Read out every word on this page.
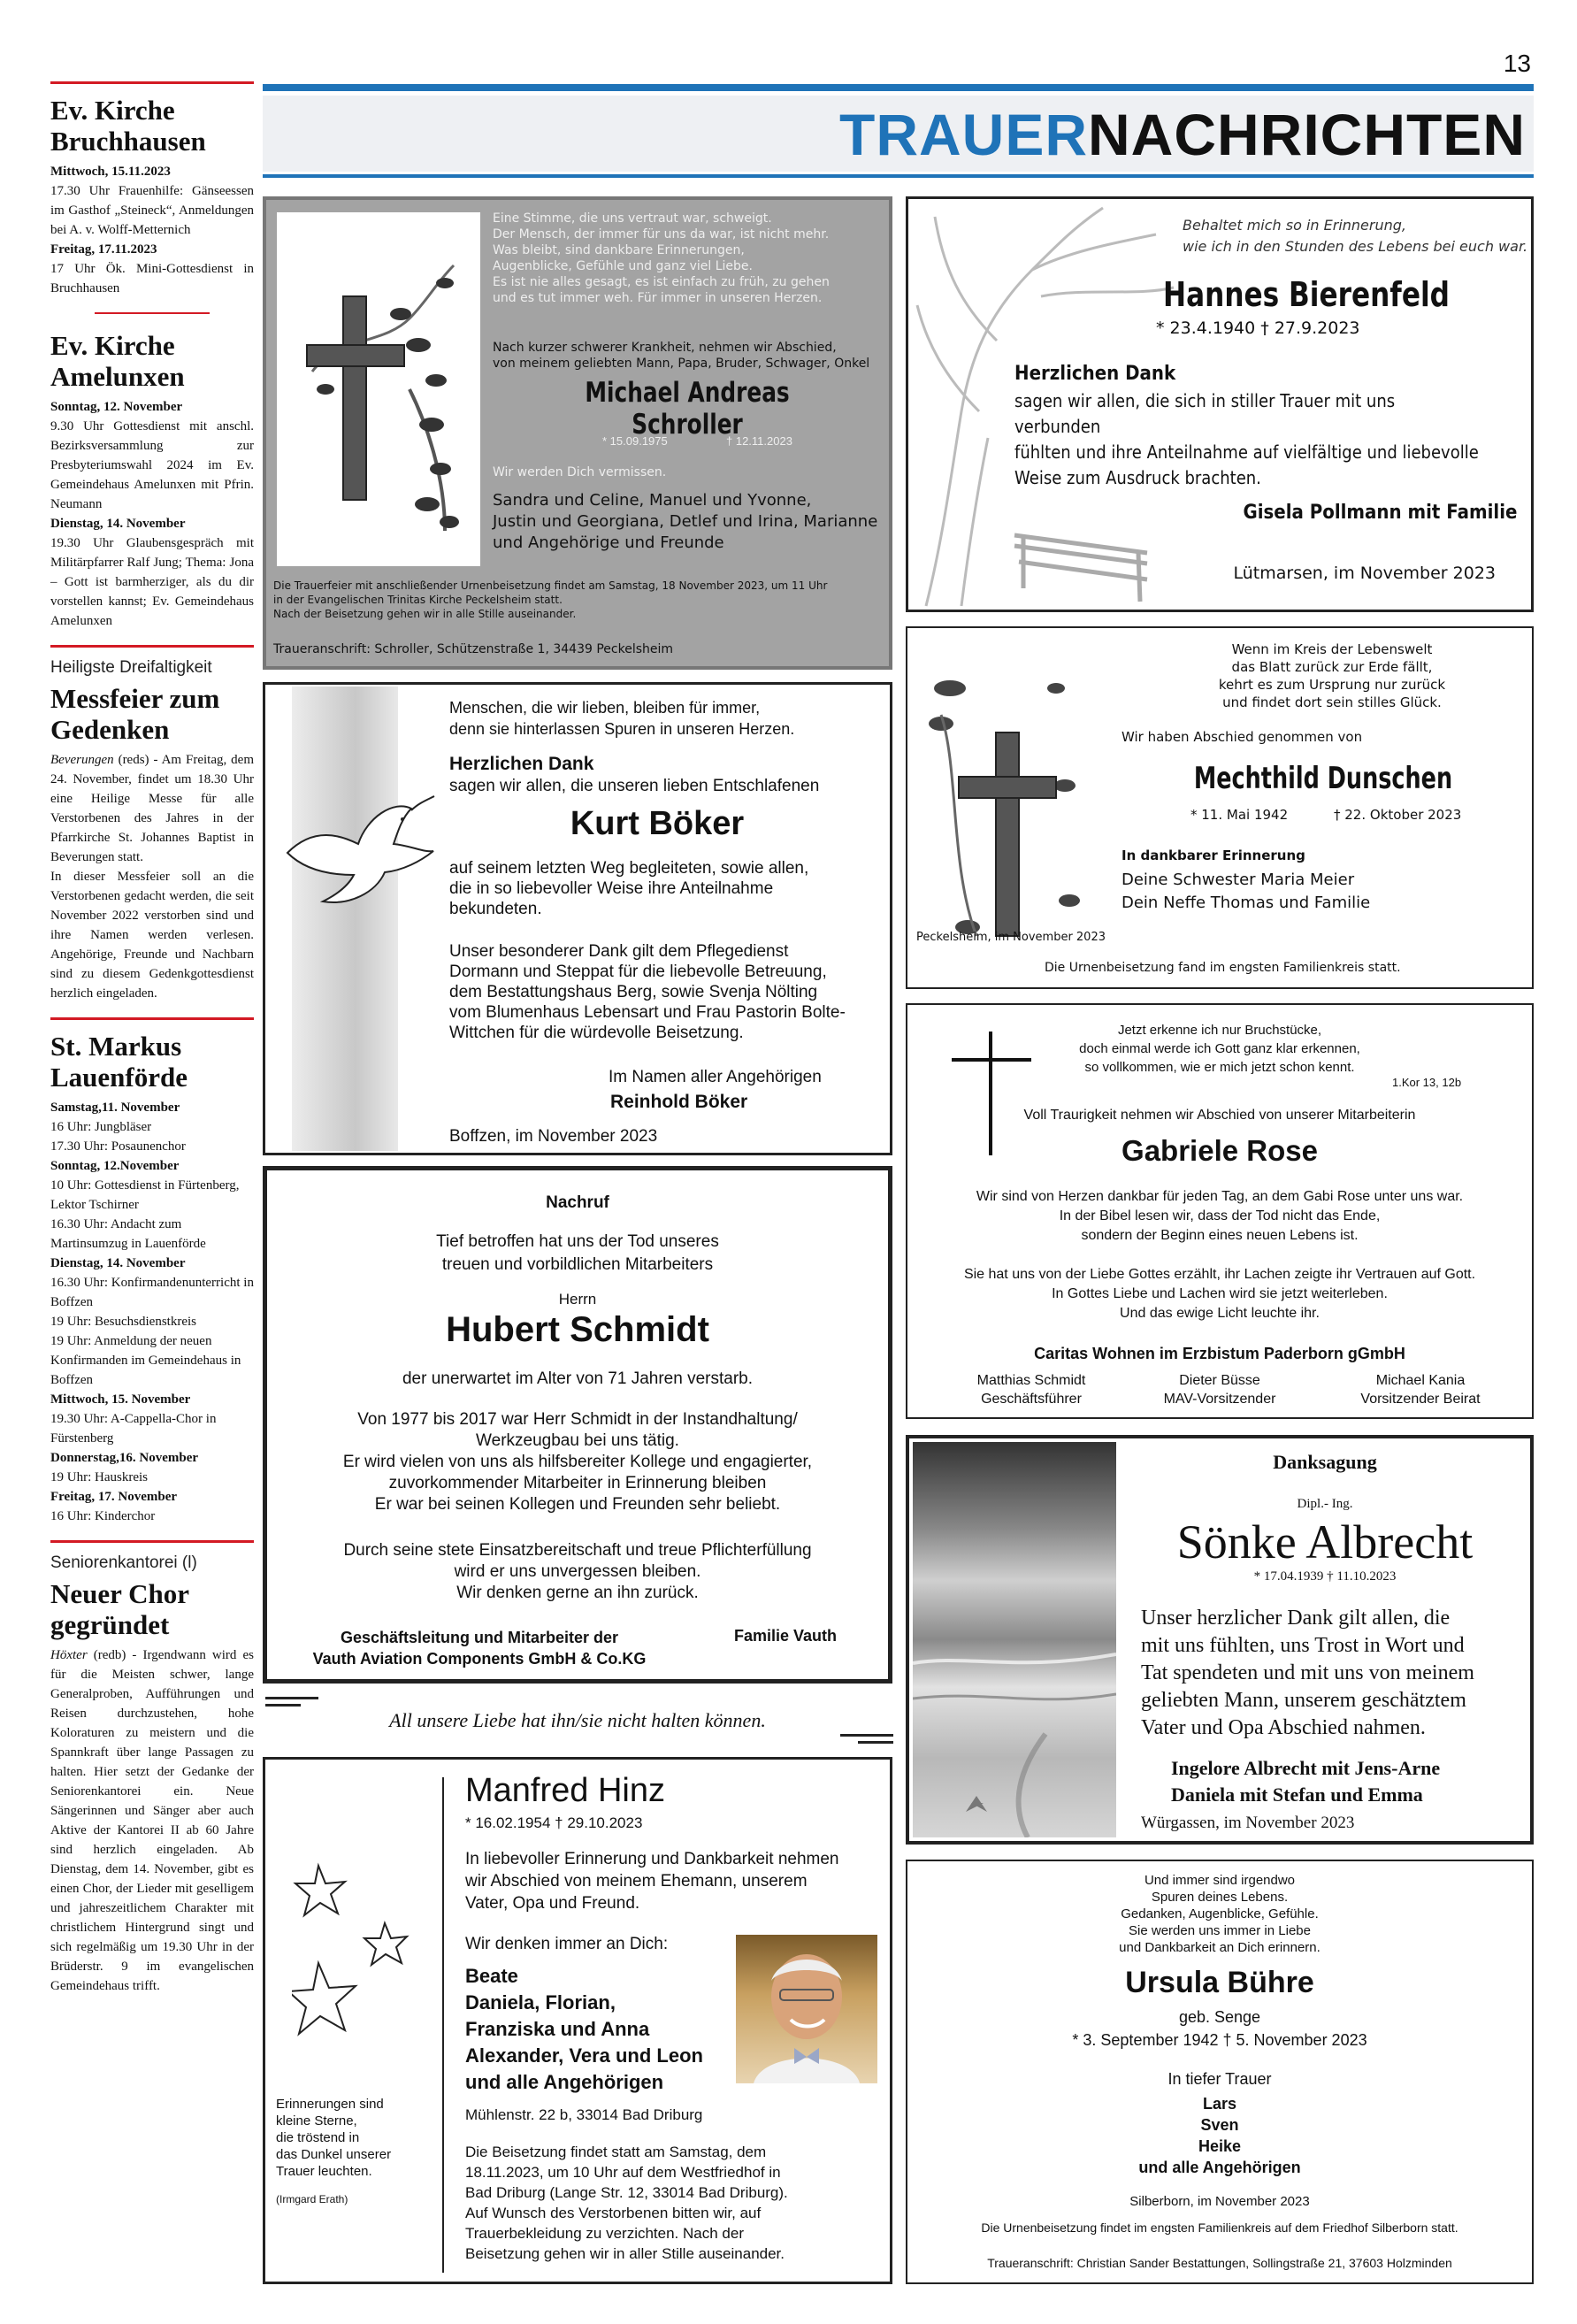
13
Ev. Kirche Bruchhausen

Mittwoch, 15.11.2023

17.30 Uhr Frauenhilfe: Gänseessen im Gasthof „Steineck“, Anmeldungen bei A. v. Wolff-Metternich

Freitag, 17.11.2023

17 Uhr Ök. Mini-Gottesdienst in Bruchhausen

Ev. Kirche Amelunxen

Sonntag, 12. November

9.30 Uhr Gottesdienst mit anschl. Bezirksversammlung zur Presbyteriumswahl 2024 im Ev. Gemeindehaus Amelunxen mit Pfrin. Neumann

Dienstag, 14. November

19.30 Uhr Glaubensgespräch mit Militärpfarrer Ralf Jung; Thema: Jona – Gott ist barmherziger, als du dir vorstellen kannst; Ev. Gemeindehaus Amelunxen

Heiligste Dreifaltigkeit
Messfeier zum Gedenken

Beverungen (reds) - Am Freitag, dem 24. November, findet um 18.30 Uhr eine Heilige Messe für alle Verstorbenen des Jahres in der Pfarrkirche St. Johannes Baptist in Beverungen statt.

In dieser Messfeier soll an die Verstorbenen gedacht werden, die seit November 2022 verstorben sind und ihre Namen werden verlesen. Angehörige, Freunde und Nachbarn sind zu diesem Gedenkgottesdienst herzlich eingeladen.

St. Markus Lauenförde
Samstag,11. November
16 Uhr: Jungbläser
17.30 Uhr: Posaunenchor
Sonntag, 12.November
10 Uhr: Gottesdienst in Fürtenberg, Lektor Tschirner
16.30 Uhr: Andacht zum Martinsumzug in Lauenförde
Dienstag, 14. November
16.30 Uhr: Konfirmandenunterricht in Boffzen
19 Uhr: Besuchsdienstkreis
19 Uhr: Anmeldung der neuen Konfirmanden im Gemeindehaus in Boffzen
Mittwoch, 15. November
19.30 Uhr: A-Cappella-Chor in Fürstenberg
Donnerstag,16. November
19 Uhr: Hauskreis
Freitag, 17. November
16 Uhr: Kinderchor
Seniorenkantorei (l)
Neuer Chor gegründet

Höxter (redb) - Irgendwann wird es für die Meisten schwer, lange Generalproben, Aufführungen und Reisen durchzustehen, hohe Koloraturen zu meistern und die Spannkraft über lange Passagen zu halten. Hier setzt der Gedanke der Seniorenkantorei ein. Neue Sängerinnen und Sänger aber auch Aktive der Kantorei II ab 60 Jahre sind herzlich eingeladen. Ab Dienstag, dem 14. November, gibt es einen Chor, der Lieder mit geselligem und jahreszeitlichem Charakter mit christlichem Hintergrund singt und sich regelmäßig um 19.30 Uhr in der Brüderstr. 9 im evangelischen Gemeindehaus trifft.

TRAUERNACHRICHTEN
Eine Stimme, die uns vertraut war, schweigt.
Der Mensch, der immer für uns da war, ist nicht mehr.
Was bleibt, sind dankbare Erinnerungen,
Augenblicke, Gefühle und ganz viel Liebe.
Es ist nie alles gesagt, es ist einfach zu früh, zu gehen
und es tut immer weh. Für immer in unseren Herzen.
Nach kurzer schwerer Krankheit, nehmen wir Abschied,
von meinem geliebten Mann, Papa, Bruder, Schwager, Onkel
Michael Andreas Schroller
* 15.09.1975	† 12.11.2023
Wir werden Dich vermissen.
Sandra und Celine, Manuel und Yvonne,
Justin und Georgiana, Detlef und Irina, Marianne
und Angehörige und Freunde
Die Trauerfeier mit anschließender Urnenbeisetzung findet am Samstag, 18 November 2023, um 11 Uhr
in der Evangelischen Trinitas Kirche Peckelsheim statt.
Nach der Beisetzung gehen wir in alle Stille auseinander.
Traueranschrift: Schroller, Schützenstraße 1, 34439 Peckelsheim
Behaltet mich so in Erinnerung,
wie ich in den Stunden des Lebens bei euch war.
Hannes Bierenfeld
* 23.4.1940 † 27.9.2023
Herzlichen Dank
sagen wir allen, die sich in stiller Trauer mit uns verbunden
fühlten und ihre Anteilnahme auf vielfältige und liebevolle
Weise zum Ausdruck brachten.
Gisela Pollmann mit Familie
Lütmarsen, im November 2023
Menschen, die wir lieben, bleiben für immer,
denn sie hinterlassen Spuren in unseren Herzen.
Herzlichen Dank
sagen wir allen, die unseren lieben Entschlafenen
Kurt Böker
auf seinem letzten Weg begleiteten, sowie allen,
die in so liebevoller Weise ihre Anteilnahme
bekundeten.
Unser besonderer Dank gilt dem Pflegedienst
Dormann und Steppat für die liebevolle Betreuung,
dem Bestattungshaus Berg, sowie Svenja Nölting
vom Blumenhaus Lebensart und Frau Pastorin Bolte-
Wittchen für die würdevolle Beisetzung.
Im Namen aller Angehörigen
Reinhold Böker
Boffzen, im November 2023
Wenn im Kreis der Lebenswelt
das Blatt zurück zur Erde fällt,
kehrt es zum Ursprung nur zurück
und findet dort sein stilles Glück.
Wir haben Abschied genommen von
Mechthild Dunschen
* 11. Mai 1942	† 22. Oktober 2023
In dankbarer Erinnerung
Deine Schwester Maria Meier
Dein Neffe Thomas und Familie
Peckelsheim, im November 2023
Die Urnenbeisetzung fand im engsten Familienkreis statt.
Nachruf
Tief betroffen hat uns der Tod unseres
treuen und vorbildlichen Mitarbeiters
Herrn
Hubert Schmidt
der unerwartet im Alter von 71 Jahren verstarb.
Von 1977 bis 2017 war Herr Schmidt in der Instandhaltung/
Werkzeugbau bei uns tätig.
Er wird vielen von uns als hilfsbereiter Kollege und engagierter,
zuvorkommender Mitarbeiter in Erinnerung bleiben
Er war bei seinen Kollegen und Freunden sehr beliebt.
Durch seine stete Einsatzbereitschaft und treue Pflichterfüllung
wird er uns unvergessen bleiben.
Wir denken gerne an ihn zurück.
Geschäftsleitung und Mitarbeiter der
Vauth Aviation Components GmbH & Co.KG
Familie Vauth
Jetzt erkenne ich nur Bruchstücke,
doch einmal werde ich Gott ganz klar erkennen,
so vollkommen, wie er mich jetzt schon kennt.
1.Kor 13, 12b
Voll Traurigkeit nehmen wir Abschied von unserer Mitarbeiterin
Gabriele Rose
Wir sind von Herzen dankbar für jeden Tag, an dem Gabi Rose unter uns war.
In der Bibel lesen wir, dass der Tod nicht das Ende,
sondern der Beginn eines neuen Lebens ist.
Sie hat uns von der Liebe Gottes erzählt, ihr Lachen zeigte ihr Vertrauen auf Gott.
In Gottes Liebe und Lachen wird sie jetzt weiterleben.
Und das ewige Licht leuchte ihr.
Caritas Wohnen im Erzbistum Paderborn gGmbH
Matthias Schmidt
Geschäftsführer
Dieter Büsse
MAV-Vorsitzender
Michael Kania
Vorsitzender Beirat
Danksagung
Dipl.- Ing.
Sönke Albrecht
* 17.04.1939 † 11.10.2023
Unser herzlicher Dank gilt allen, die
mit uns fühlten, uns Trost in Wort und
Tat spendeten und mit uns von meinem
geliebten Mann, unserem geschätztem
Vater und Opa Abschied nahmen.
Ingelore Albrecht mit Jens-Arne
Daniela mit Stefan und Emma
Würgassen, im November 2023
All unsere Liebe hat ihn/sie nicht halten können.
Erinnerungen sind
kleine Sterne,
die tröstend in
das Dunkel unserer
Trauer leuchten.
(Irmgard Erath)
Manfred Hinz
* 16.02.1954 † 29.10.2023
In liebevoller Erinnerung und Dankbarkeit nehmen
wir Abschied von meinem Ehemann, unserem
Vater, Opa und Freund.
Wir denken immer an Dich:
Beate
Daniela, Florian,
Franziska und Anna
Alexander, Vera und Leon
und alle Angehörigen
Mühlenstr. 22 b, 33014 Bad Driburg
Die Beisetzung findet statt am Samstag, dem
18.11.2023, um 10 Uhr auf dem Westfriedhof in
Bad Driburg (Lange Str. 12, 33014 Bad Driburg).
Auf Wunsch des Verstorbenen bitten wir, auf
Trauerbekleidung zu verzichten. Nach der
Beisetzung gehen wir in aller Stille auseinander.
Und immer sind irgendwo
Spuren deines Lebens.
Gedanken, Augenblicke, Gefühle.
Sie werden uns immer in Liebe
und Dankbarkeit an Dich erinnern.
Ursula Bühre
geb. Senge
* 3. September 1942 † 5. November 2023
In tiefer Trauer
Lars
Sven
Heike
und alle Angehörigen
Silberborn, im November 2023
Die Urnenbeisetzung findet im engsten Familienkreis auf dem Friedhof Silberborn statt.
Traueranschrift: Christian Sander Bestattungen, Sollingstraße 21, 37603 Holzminden
